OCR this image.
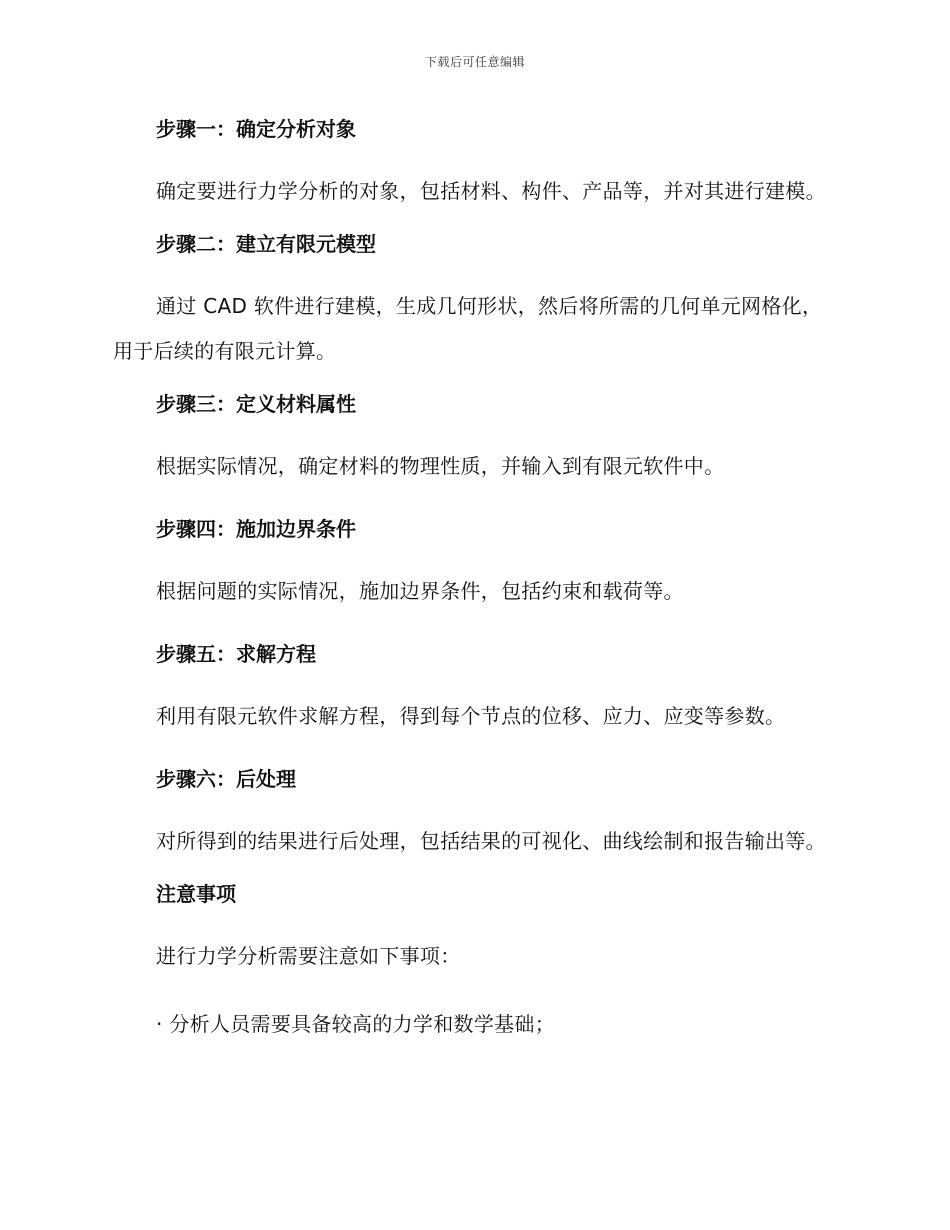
下载后可任意编辑
步骤一：确定分析对象
确定要进行力学分析的对象，包括材料、构件、产品等，并对其进行建模。
步骤二：建立有限元模型
通过 CAD 软件进行建模，生成几何形状，然后将所需的几何单元网格化，用于后续的有限元计算。
步骤三：定义材料属性
根据实际情况，确定材料的物理性质，并输入到有限元软件中。
步骤四：施加边界条件
根据问题的实际情况，施加边界条件，包括约束和载荷等。
步骤五：求解方程
利用有限元软件求解方程，得到每个节点的位移、应力、应变等参数。
步骤六：后处理
对所得到的结果进行后处理，包括结果的可视化、曲线绘制和报告输出等。
注意事项
进行力学分析需要注意如下事项：
· 分析人员需要具备较高的力学和数学基础；
